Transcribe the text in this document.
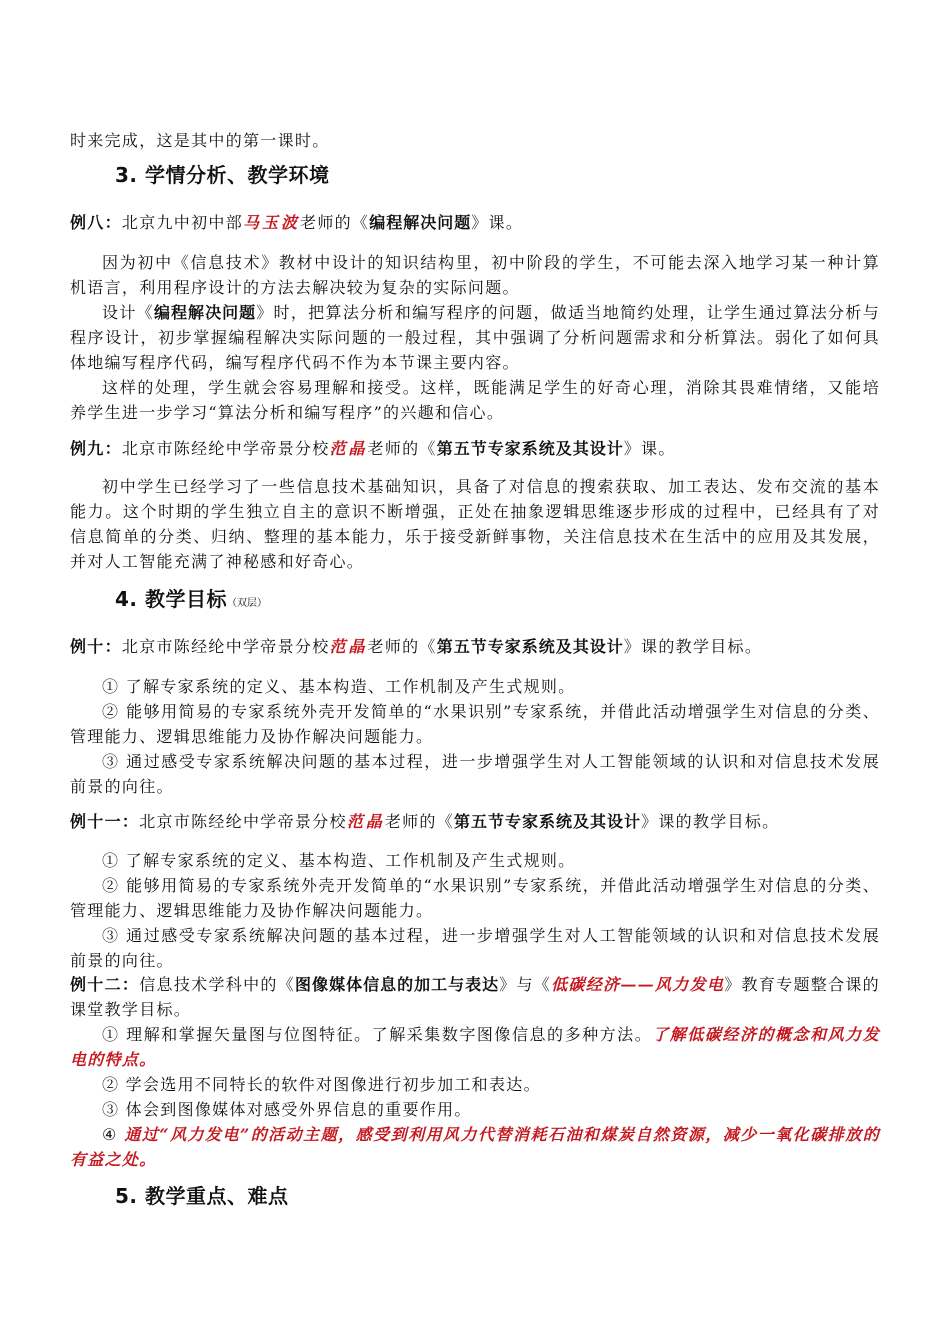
时来完成，这是其中的第一课时。

3. 学情分析、教学环境
例八：北京九中初中部马玉波老师的《编程解决问题》课。

因为初中《信息技术》教材中设计的知识结构里，初中阶段的学生，不可能去深入地学习某一种计算机语言，利用程序设计的方法去解决较为复杂的实际问题。

设计《编程解决问题》时，把算法分析和编写程序的问题，做适当地简约处理，让学生通过算法分析与程序设计，初步掌握编程解决实际问题的一般过程，其中强调了分析问题需求和分析算法。弱化了如何具体地编写程序代码，编写程序代码不作为本节课主要内容。

这样的处理，学生就会容易理解和接受。这样，既能满足学生的好奇心理，消除其畏难情绪，又能培养学生进一步学习“算法分析和编写程序”的兴趣和信心。

例九：北京市陈经纶中学帝景分校范晶老师的《第五节专家系统及其设计》课。

初中学生已经学习了一些信息技术基础知识，具备了对信息的搜索获取、加工表达、发布交流的基本能力。这个时期的学生独立自主的意识不断增强，正处在抽象逻辑思维逐步形成的过程中，已经具有了对信息简单的分类、归纳、整理的基本能力，乐于接受新鲜事物，关注信息技术在生活中的应用及其发展，并对人工智能充满了神秘感和好奇心。

4. 教学目标（双层）
例十：北京市陈经纶中学帝景分校范晶老师的《第五节专家系统及其设计》课的教学目标。

① 了解专家系统的定义、基本构造、工作机制及产生式规则。

② 能够用简易的专家系统外壳开发简单的“水果识别”专家系统，并借此活动增强学生对信息的分类、管理能力、逻辑思维能力及协作解决问题能力。

③ 通过感受专家系统解决问题的基本过程，进一步增强学生对人工智能领域的认识和对信息技术发展前景的向往。

例十一：北京市陈经纶中学帝景分校范晶老师的《第五节专家系统及其设计》课的教学目标。

① 了解专家系统的定义、基本构造、工作机制及产生式规则。

② 能够用简易的专家系统外壳开发简单的“水果识别”专家系统，并借此活动增强学生对信息的分类、管理能力、逻辑思维能力及协作解决问题能力。

③ 通过感受专家系统解决问题的基本过程，进一步增强学生对人工智能领域的认识和对信息技术发展前景的向往。

例十二：信息技术学科中的《图像媒体信息的加工与表达》与《低碳经济——风力发电》教育专题整合课的课堂教学目标。

① 理解和掌握矢量图与位图特征。了解采集数字图像信息的多种方法。了解低碳经济的概念和风力发电的特点。

② 学会选用不同特长的软件对图像进行初步加工和表达。

③ 体会到图像媒体对感受外界信息的重要作用。

④ 通过“风力发电”的活动主题，感受到利用风力代替消耗石油和煤炭自然资源，减少一氧化碳排放的有益之处。

5. 教学重点、难点
